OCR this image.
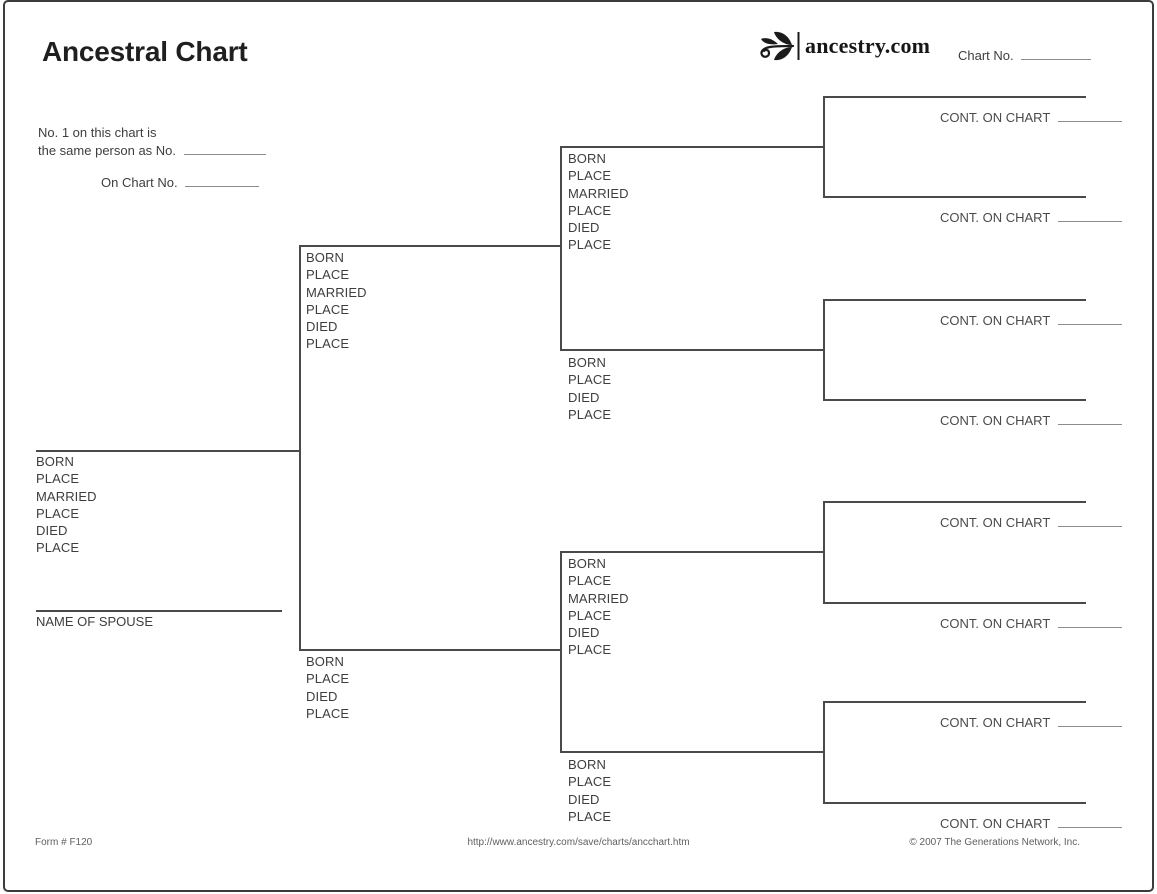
Ancestral Chart	ancestry.com Chart No.
No. 1 on this chart is
the same person as No.
On Chart No.
BORN
PLACE
MARRIED
PLACE
DIED
PLACE
NAME OF SPOUSE
BORN
PLACE
MARRIED
PLACE
DIED
PLACE
BORN
PLACE
DIED
PLACE
BORN
PLACE
MARRIED
PLACE
DIED
PLACE
BORN
PLACE
DIED
PLACE
BORN
PLACE
MARRIED
PLACE
DIED
PLACE
BORN
PLACE
DIED
PLACE
CONT. ON CHART
CONT. ON CHART
CONT. ON CHART
CONT. ON CHART
CONT. ON CHART
CONT. ON CHART
CONT. ON CHART
CONT. ON CHART
Form # F120	http://www.ancestry.com/save/charts/ancchart.htm	© 2007 The Generations Network, Inc.
